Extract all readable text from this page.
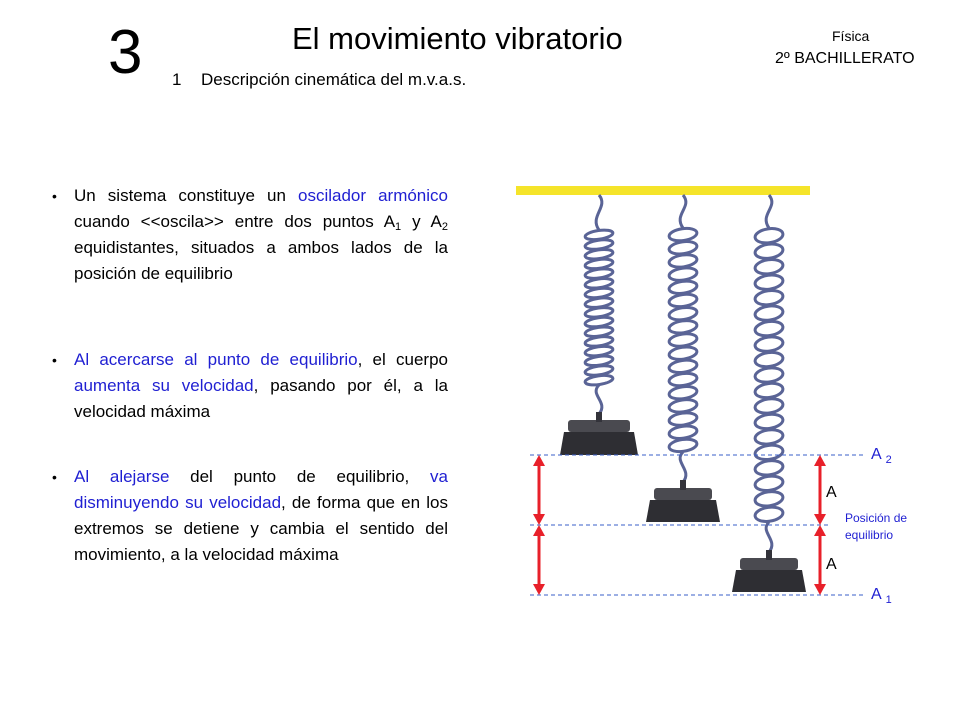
3	El movimiento vibratorio
1 Descripción cinemática del m.v.a.s.
Física
2º BACHILLERATO
•	Un sistema constituye un oscilador armónico cuando <<oscila>> entre dos puntos $A_1$ y $A_2$ equidistantes, situados a ambos lados de la posición de equilibrio
•	Al acercarse al punto de equilibrio, el cuerpo aumenta su velocidad, pasando por él, a la velocidad máxima
•	Al alejarse del punto de equilibrio, va disminuyendo su velocidad, de forma que en los extremos se detiene y cambia el sentido del movimiento, a la velocidad máxima
A $_2$
A $_1$
A
A
Posición de
equilibrio
